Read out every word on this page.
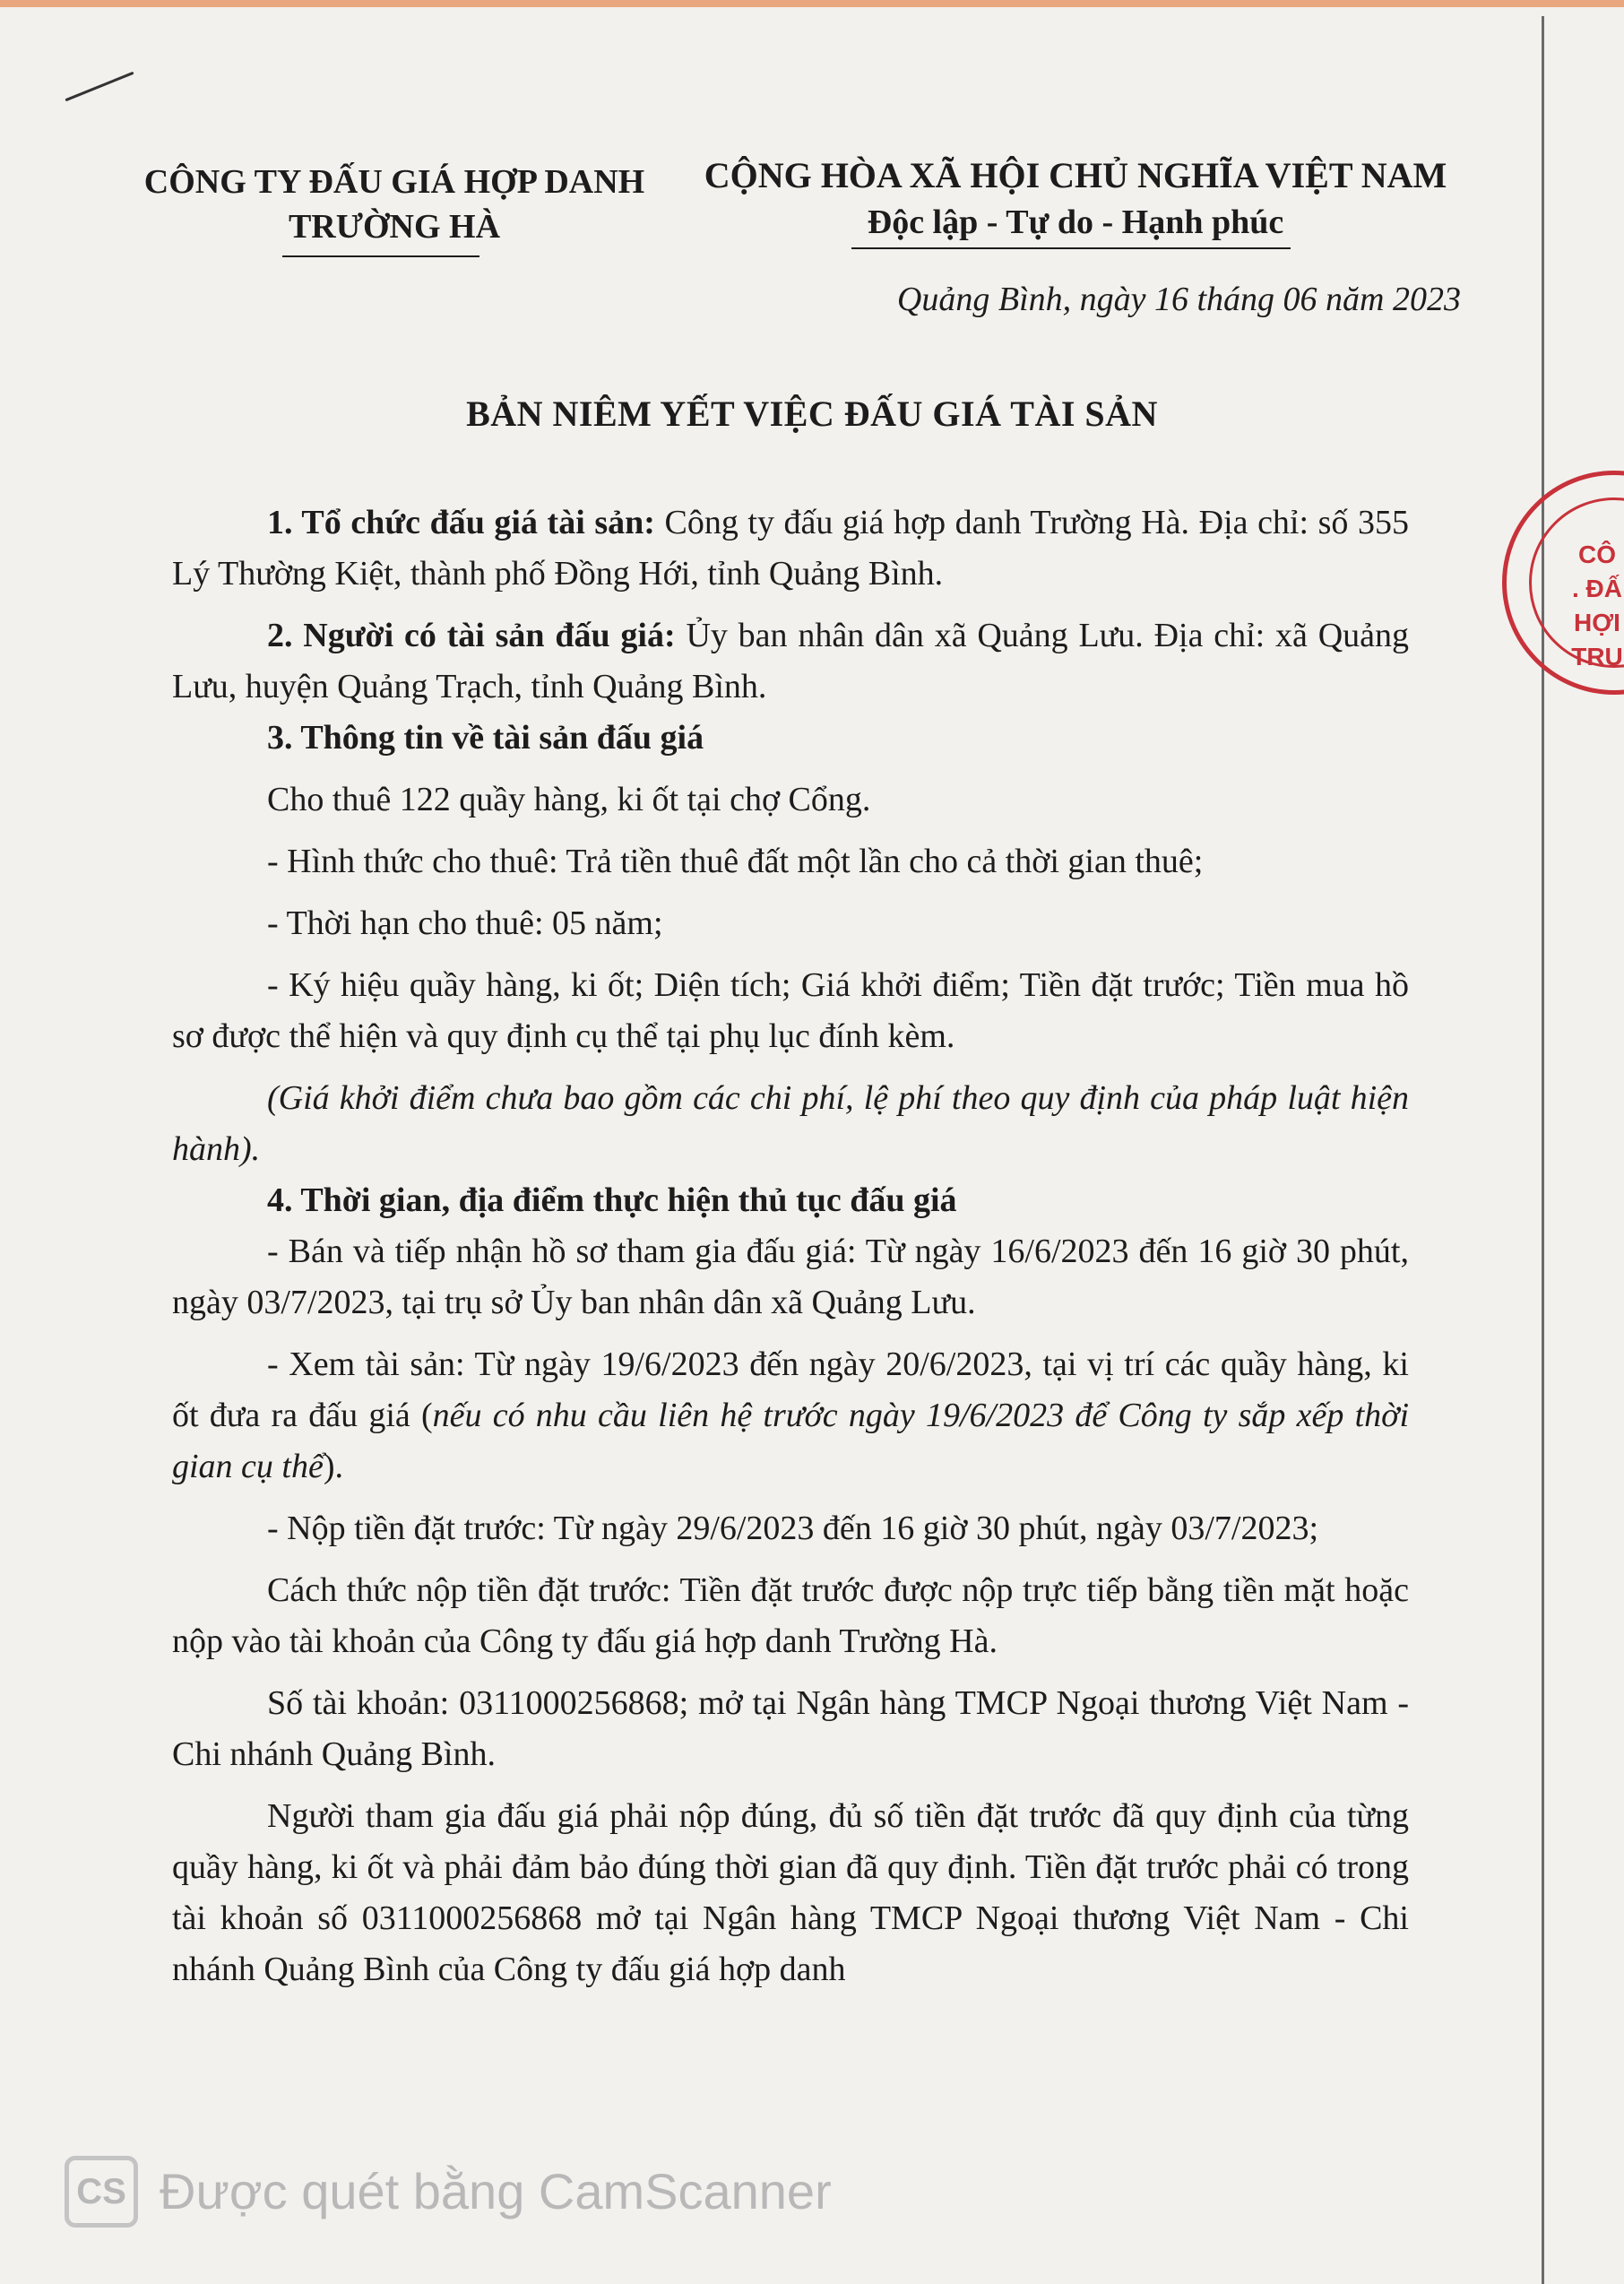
CÔNG TY ĐẤU GIÁ HỢP DANH
TRƯỜNG HÀ
CỘNG HÒA XÃ HỘI CHỦ NGHĨA VIỆT NAM
Độc lập - Tự do - Hạnh phúc
Quảng Bình, ngày 16 tháng 06 năm 2023
BẢN NIÊM YẾT VIỆC ĐẤU GIÁ TÀI SẢN

1. Tổ chức đấu giá tài sản: Công ty đấu giá hợp danh Trường Hà. Địa chỉ: số 355 Lý Thường Kiệt, thành phố Đồng Hới, tỉnh Quảng Bình.

2. Người có tài sản đấu giá: Ủy ban nhân dân xã Quảng Lưu. Địa chỉ: xã Quảng Lưu, huyện Quảng Trạch, tỉnh Quảng Bình.

3. Thông tin về tài sản đấu giá

Cho thuê 122 quầy hàng, ki ốt tại chợ Cổng.

- Hình thức cho thuê: Trả tiền thuê đất một lần cho cả thời gian thuê;

- Thời hạn cho thuê: 05 năm;

- Ký hiệu quầy hàng, ki ốt; Diện tích; Giá khởi điểm; Tiền đặt trước; Tiền mua hồ sơ được thể hiện và quy định cụ thể tại phụ lục đính kèm.

(Giá khởi điểm chưa bao gồm các chi phí, lệ phí theo quy định của pháp luật hiện hành).

4. Thời gian, địa điểm thực hiện thủ tục đấu giá

- Bán và tiếp nhận hồ sơ tham gia đấu giá: Từ ngày 16/6/2023 đến 16 giờ 30 phút, ngày 03/7/2023, tại trụ sở Ủy ban nhân dân xã Quảng Lưu.

- Xem tài sản: Từ ngày 19/6/2023 đến ngày 20/6/2023, tại vị trí các quầy hàng, ki ốt đưa ra đấu giá (nếu có nhu cầu liên hệ trước ngày 19/6/2023 để Công ty sắp xếp thời gian cụ thể).

- Nộp tiền đặt trước: Từ ngày 29/6/2023 đến 16 giờ 30 phút, ngày 03/7/2023;

Cách thức nộp tiền đặt trước: Tiền đặt trước được nộp trực tiếp bằng tiền mặt hoặc nộp vào tài khoản của Công ty đấu giá hợp danh Trường Hà.

Số tài khoản: 0311000256868; mở tại Ngân hàng TMCP Ngoại thương Việt Nam - Chi nhánh Quảng Bình.

Người tham gia đấu giá phải nộp đúng, đủ số tiền đặt trước đã quy định của từng quầy hàng, ki ốt và phải đảm bảo đúng thời gian đã quy định. Tiền đặt trước phải có trong tài khoản số 0311000256868 mở tại Ngân hàng TMCP Ngoại thương Việt Nam - Chi nhánh Quảng Bình của Công ty đấu giá hợp danh

CÔ
. ĐẤ
HỢI
TRU
CS Được quét bằng CamScanner
